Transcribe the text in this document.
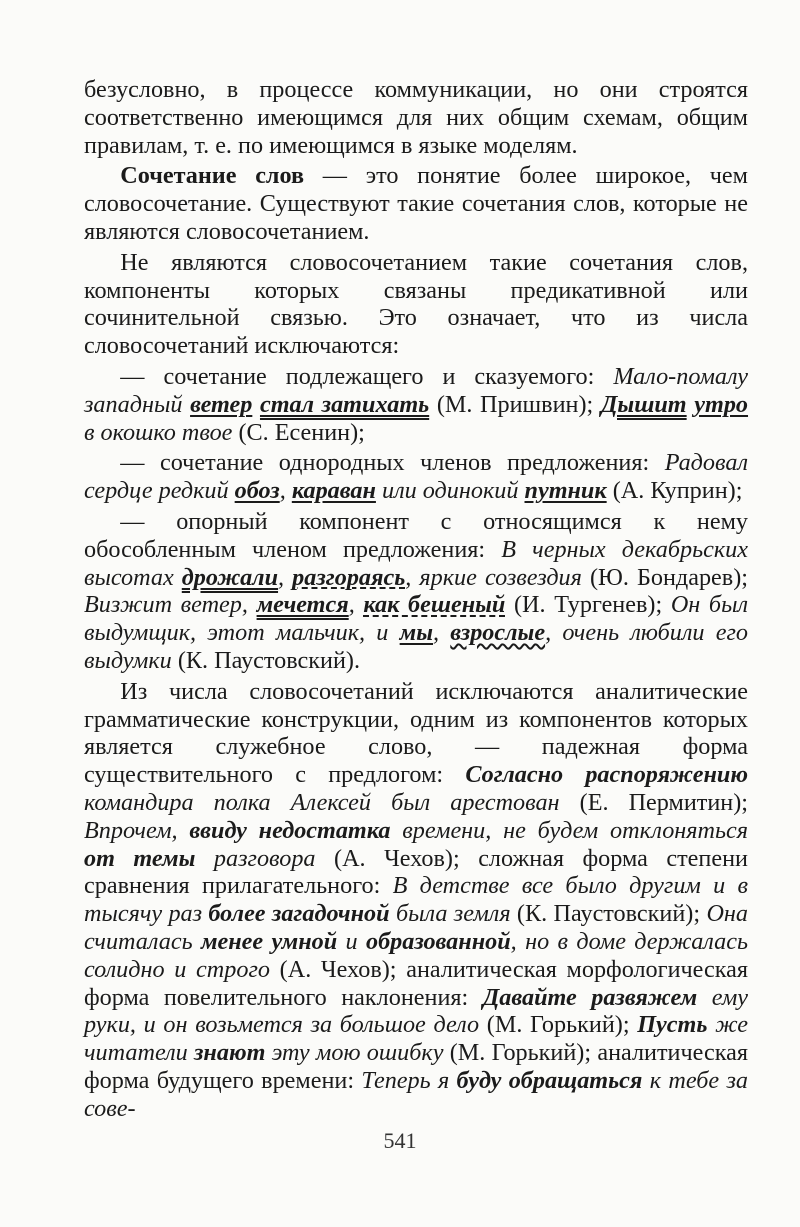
безусловно, в процессе коммуникации, но они строятся соответственно имеющимся для них общим схемам, общим правилам, т. е. по имеющимся в языке моделям.

  Сочетание слов — это понятие более широкое, чем словосочетание. Существуют такие сочетания слов, которые не являются словосочетанием.

  Не являются словосочетанием такие сочетания слов, компоненты которых связаны предикативной или сочинительной связью. Это означает, что из числа словосочетаний исключаются:

  — сочетание подлежащего и сказуемого: Мало-помалу западный ветер стал затихать (М. Пришвин); Дышит утро в окошко твое (С. Есенин);

  — сочетание однородных членов предложения: Радовал сердце редкий обоз, караван или одинокий путник (А. Куприн);

  — опорный компонент с относящимся к нему обособленным членом предложения: В черных декабрьских высотах дрожали, разгораясь, яркие созвездия (Ю. Бондарев); Визжит ветер, мечется, как бешеный (И. Тургенев); Он был выдумщик, этот мальчик, и мы, взрослые, очень любили его выдумки (К. Паустовский).

  Из числа словосочетаний исключаются аналитические грамматические конструкции, одним из компонентов которых является служебное слово, — падежная форма существительного с предлогом: Согласно распоряжению командира полка Алексей был арестован (Е. Пермитин); Впрочем, ввиду недостатка времени, не будем отклоняться от темы разговора (А. Чехов); сложная форма степени сравнения прилагательного: В детстве все было другим и в тысячу раз более загадочной была земля (К. Паустовский); Она считалась менее умной и образованной, но в доме держалась солидно и строго (А. Чехов); аналитическая морфологическая форма повелительного наклонения: Давайте развяжем ему руки, и он возьмется за большое дело (М. Горький); Пусть же читатели знают эту мою ошибку (М. Горький); аналитическая форма будущего времени: Теперь я буду обращаться к тебе за сове-

541
